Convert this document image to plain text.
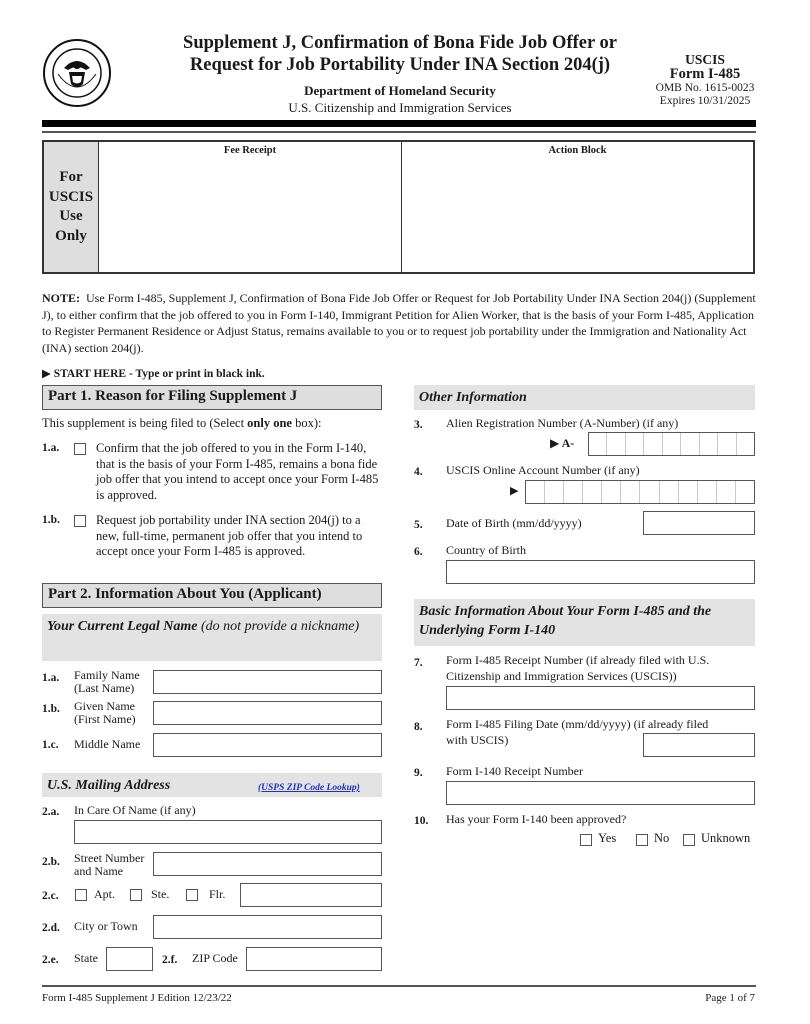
Supplement J, Confirmation of Bona Fide Job Offer or
Request for Job Portability Under INA Section 204(j)
Department of Homeland Security
U.S. Citizenship and Immigration Services
USCIS
Form I-485
OMB No. 1615-0023
Expires 10/31/2025
For
USCIS
Use
Only
Fee Receipt	Action Block
NOTE: Use Form I-485, Supplement J, Confirmation of Bona Fide Job Offer or Request for Job Portability Under INA Section 204(j) (Supplement J), to either confirm that the job offered to you in Form I-140, Immigrant Petition for Alien Worker, that is the basis of your Form I-485, Application to Register Permanent Residence or Adjust Status, remains available to you or to request job portability under the Immigration and Nationality Act (INA) section 204(j).
▶ START HERE - Type or print in black ink.
Part 1. Reason for Filing Supplement J
This supplement is being filed to (Select only one box):
1.a.	Confirm that the job offered to you in the Form I-140, that is the basis of your Form I-485, remains a bona fide job offer that you intend to accept once your Form I-485 is approved.
1.b.	Request job portability under INA section 204(j) to a new, full-time, permanent job offer that you intend to accept once your Form I-485 is approved.
Part 2. Information About You (Applicant)
Your Current Legal Name (do not provide a nickname)
1.a. Family Name
(Last Name)
1.b. Given Name
(First Name)
1.c. Middle Name
U.S. Mailing Address	(USPS ZIP Code Lookup)
2.a. In Care Of Name (if any)
2.b. Street Number
and Name
2.c.	Apt.	Ste.	Flr.
2.d. City or Town
2.e. State	2.f. ZIP Code
Other Information
3. Alien Registration Number (A-Number) (if any)
▶ A-
4. USCIS Online Account Number (if any)
▶
5. Date of Birth (mm/dd/yyyy)
6. Country of Birth
Basic Information About Your Form I-485 and the
Underlying Form I-140
7. Form I-485 Receipt Number (if already filed with U.S.
Citizenship and Immigration Services (USCIS))
8. Form I-485 Filing Date (mm/dd/yyyy) (if already filed
with USCIS)
9. Form I-140 Receipt Number
10. Has your Form I-140 been approved?
Yes	No	Unknown
Form I-485 Supplement J Edition 12/23/22	Page 1 of 7
